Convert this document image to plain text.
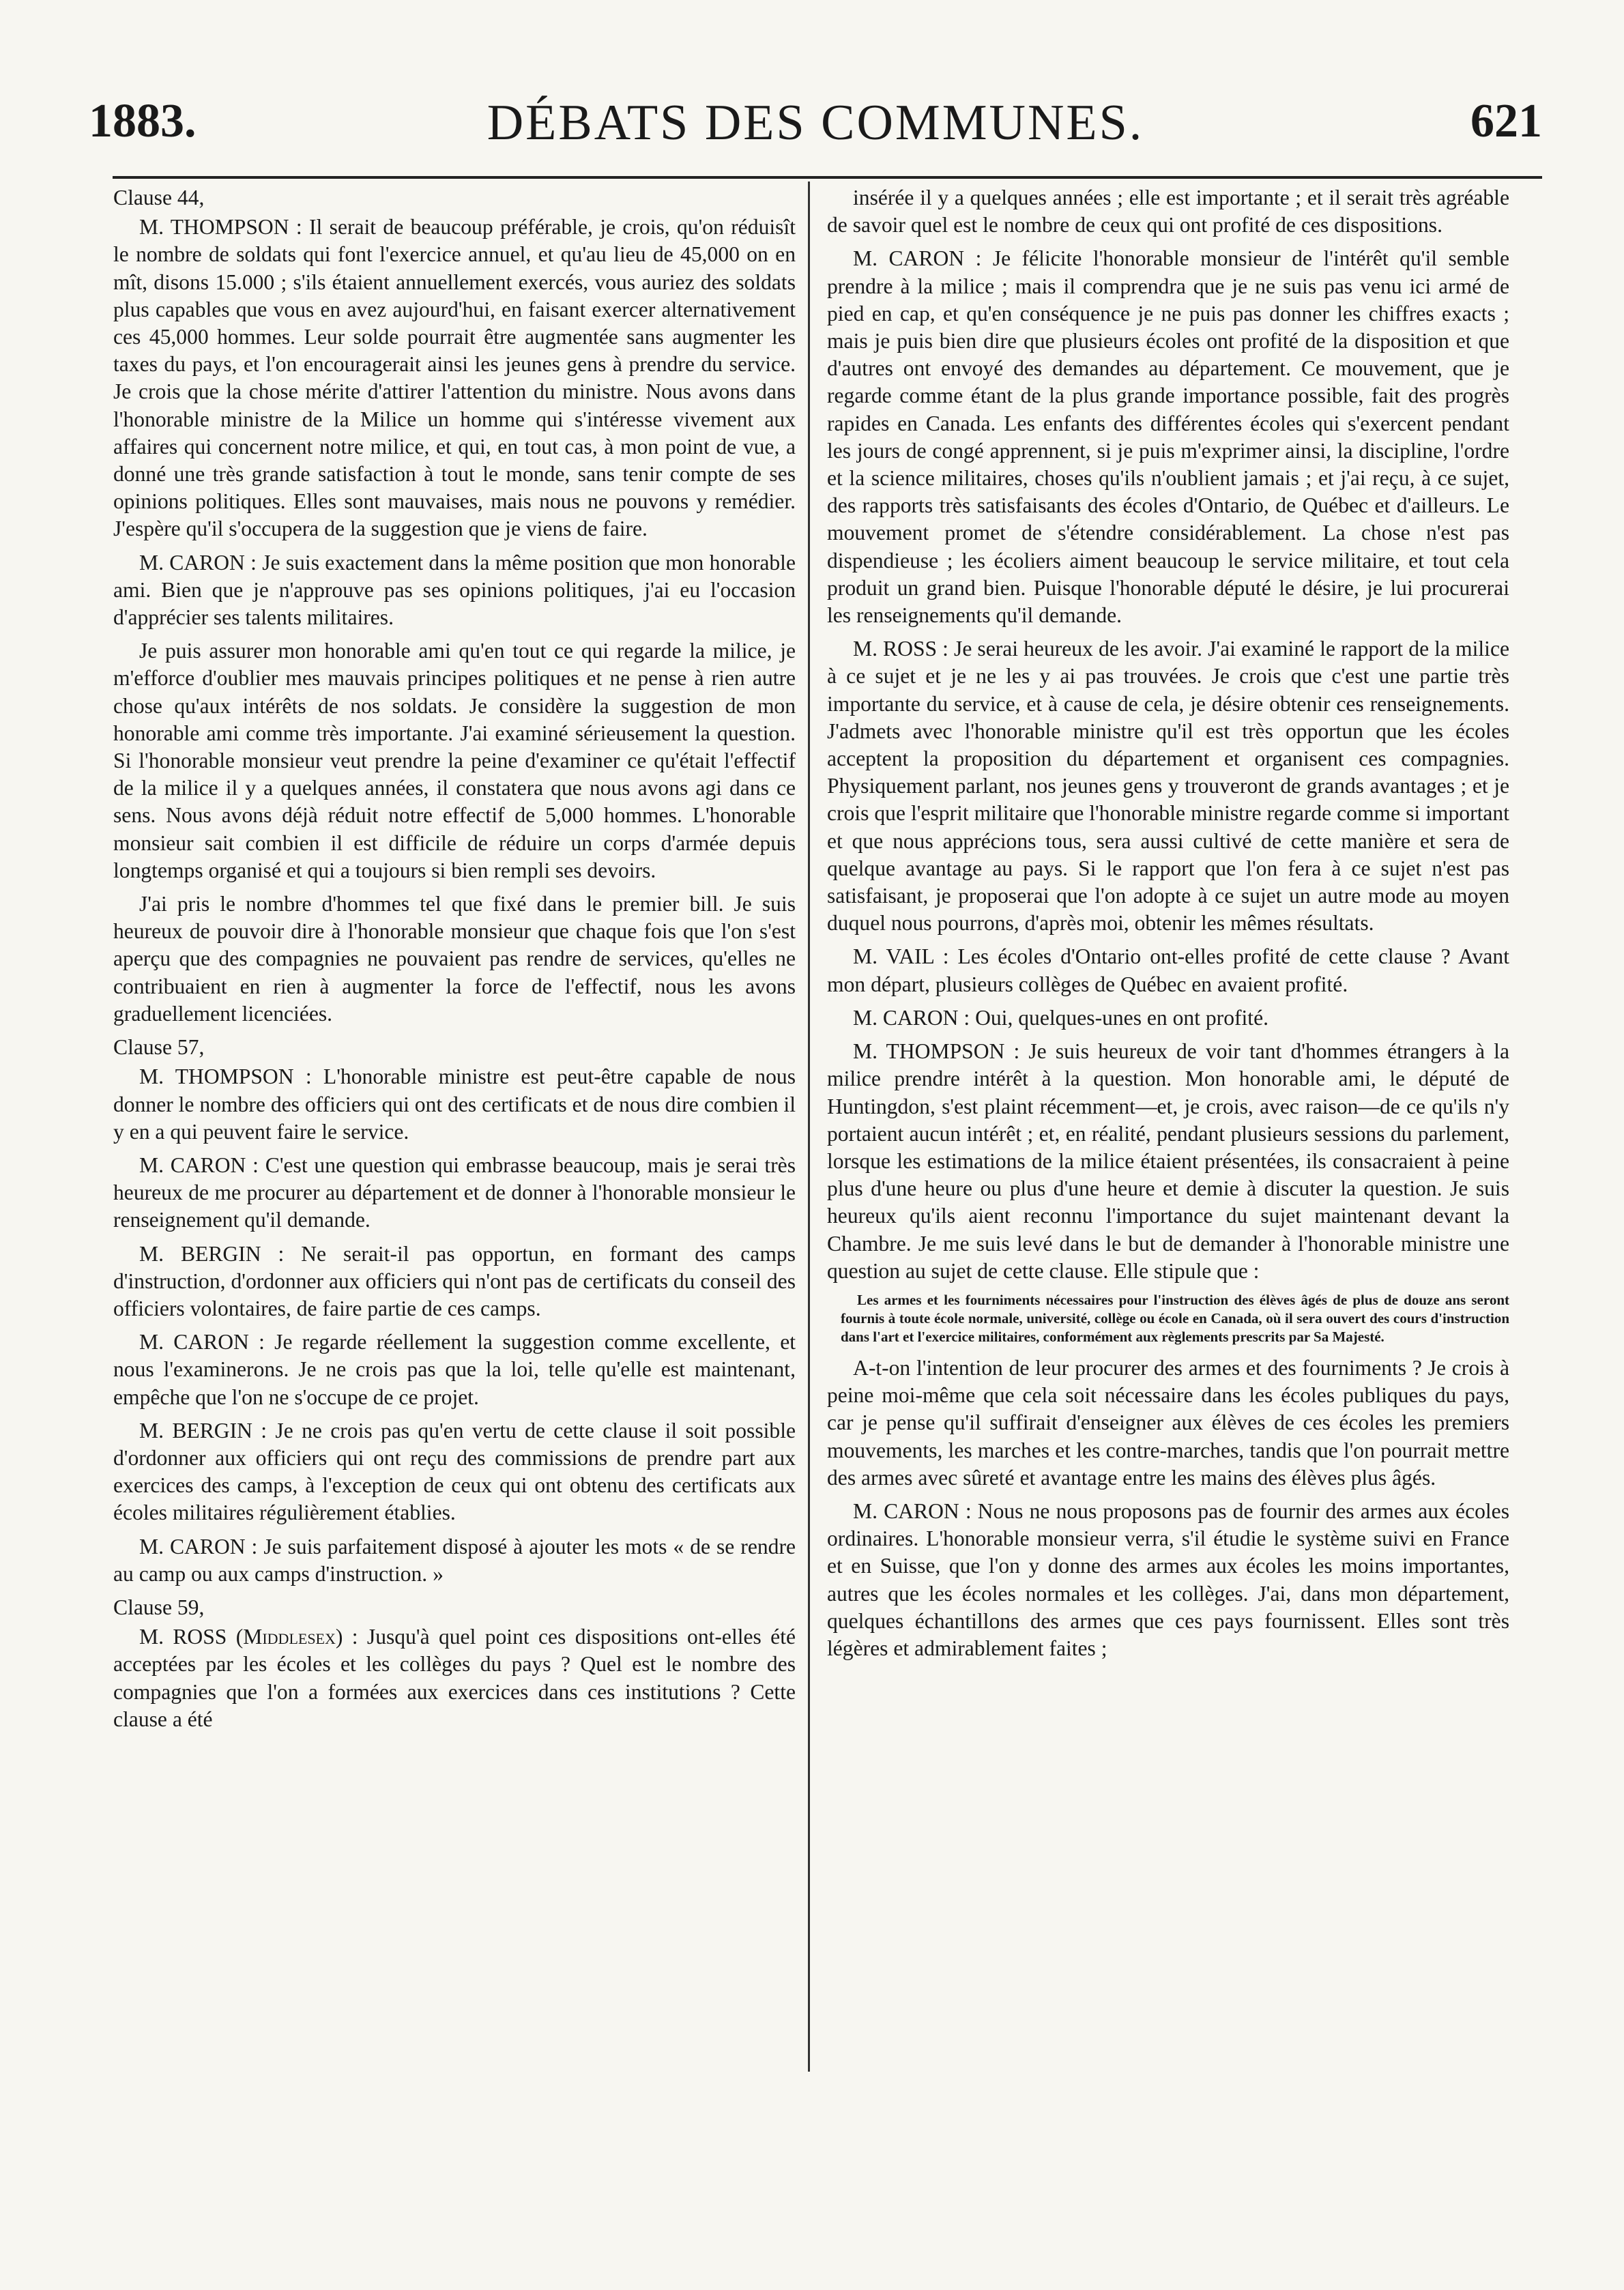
1883.	DÉBATS DES COMMUNES.	621

Clause 44,

M. THOMPSON : Il serait de beaucoup préférable, je crois, qu'on réduisît le nombre de soldats qui font l'exercice annuel, et qu'au lieu de 45,000 on en mît, disons 15.000 ; s'ils étaient annuellement exercés, vous auriez des soldats plus capables que vous en avez aujourd'hui, en faisant exercer alternativement ces 45,000 hommes. Leur solde pourrait être augmentée sans augmenter les taxes du pays, et l'on encouragerait ainsi les jeunes gens à prendre du service. Je crois que la chose mérite d'attirer l'attention du ministre. Nous avons dans l'honorable ministre de la Milice un homme qui s'intéresse vivement aux affaires qui concernent notre milice, et qui, en tout cas, à mon point de vue, a donné une très grande satisfaction à tout le monde, sans tenir compte de ses opinions politiques. Elles sont mauvaises, mais nous ne pouvons y remédier. J'espère qu'il s'occupera de la suggestion que je viens de faire.

M. CARON : Je suis exactement dans la même position que mon honorable ami. Bien que je n'approuve pas ses opinions politiques, j'ai eu l'occasion d'apprécier ses talents militaires.

Je puis assurer mon honorable ami qu'en tout ce qui regarde la milice, je m'efforce d'oublier mes mauvais principes politiques et ne pense à rien autre chose qu'aux intérêts de nos soldats. Je considère la suggestion de mon honorable ami comme très importante. J'ai examiné sérieusement la question. Si l'honorable monsieur veut prendre la peine d'examiner ce qu'était l'effectif de la milice il y a quelques années, il constatera que nous avons agi dans ce sens. Nous avons déjà réduit notre effectif de 5,000 hommes. L'honorable monsieur sait combien il est difficile de réduire un corps d'armée depuis longtemps organisé et qui a toujours si bien rempli ses devoirs.

J'ai pris le nombre d'hommes tel que fixé dans le premier bill. Je suis heureux de pouvoir dire à l'honorable monsieur que chaque fois que l'on s'est aperçu que des compagnies ne pouvaient pas rendre de services, qu'elles ne contribuaient en rien à augmenter la force de l'effectif, nous les avons graduellement licenciées.

Clause 57,

M. THOMPSON : L'honorable ministre est peut-être capable de nous donner le nombre des officiers qui ont des certificats et de nous dire combien il y en a qui peuvent faire le service.

M. CARON : C'est une question qui embrasse beaucoup, mais je serai très heureux de me procurer au département et de donner à l'honorable monsieur le renseignement qu'il demande.

M. BERGIN : Ne serait-il pas opportun, en formant des camps d'instruction, d'ordonner aux officiers qui n'ont pas de certificats du conseil des officiers volontaires, de faire partie de ces camps.

M. CARON : Je regarde réellement la suggestion comme excellente, et nous l'examinerons. Je ne crois pas que la loi, telle qu'elle est maintenant, empêche que l'on ne s'occupe de ce projet.

M. BERGIN : Je ne crois pas qu'en vertu de cette clause il soit possible d'ordonner aux officiers qui ont reçu des commissions de prendre part aux exercices des camps, à l'exception de ceux qui ont obtenu des certificats aux écoles militaires régulièrement établies.

M. CARON : Je suis parfaitement disposé à ajouter les mots « de se rendre au camp ou aux camps d'instruction. »

Clause 59,

M. ROSS (Middlesex) : Jusqu'à quel point ces dispositions ont-elles été acceptées par les écoles et les collèges du pays ? Quel est le nombre des compagnies que l'on a formées aux exercices dans ces institutions ? Cette clause a été

insérée il y a quelques années ; elle est importante ; et il serait très agréable de savoir quel est le nombre de ceux qui ont profité de ces dispositions.

M. CARON : Je félicite l'honorable monsieur de l'intérêt qu'il semble prendre à la milice ; mais il comprendra que je ne suis pas venu ici armé de pied en cap, et qu'en conséquence je ne puis pas donner les chiffres exacts ; mais je puis bien dire que plusieurs écoles ont profité de la disposition et que d'autres ont envoyé des demandes au département. Ce mouvement, que je regarde comme étant de la plus grande importance possible, fait des progrès rapides en Canada. Les enfants des différentes écoles qui s'exercent pendant les jours de congé apprennent, si je puis m'exprimer ainsi, la discipline, l'ordre et la science militaires, choses qu'ils n'oublient jamais ; et j'ai reçu, à ce sujet, des rapports très satisfaisants des écoles d'Ontario, de Québec et d'ailleurs. Le mouvement promet de s'étendre considérablement. La chose n'est pas dispendieuse ; les écoliers aiment beaucoup le service militaire, et tout cela produit un grand bien. Puisque l'honorable député le désire, je lui procurerai les renseignements qu'il demande.

M. ROSS : Je serai heureux de les avoir. J'ai examiné le rapport de la milice à ce sujet et je ne les y ai pas trouvées. Je crois que c'est une partie très importante du service, et à cause de cela, je désire obtenir ces renseignements. J'admets avec l'honorable ministre qu'il est très opportun que les écoles acceptent la proposition du département et organisent ces compagnies. Physiquement parlant, nos jeunes gens y trouveront de grands avantages ; et je crois que l'esprit militaire que l'honorable ministre regarde comme si important et que nous apprécions tous, sera aussi cultivé de cette manière et sera de quelque avantage au pays. Si le rapport que l'on fera à ce sujet n'est pas satisfaisant, je proposerai que l'on adopte à ce sujet un autre mode au moyen duquel nous pourrons, d'après moi, obtenir les mêmes résultats.

M. VAIL : Les écoles d'Ontario ont-elles profité de cette clause ? Avant mon départ, plusieurs collèges de Québec en avaient profité.

M. CARON : Oui, quelques-unes en ont profité.

M. THOMPSON : Je suis heureux de voir tant d'hommes étrangers à la milice prendre intérêt à la question. Mon honorable ami, le député de Huntingdon, s'est plaint récemment—et, je crois, avec raison—de ce qu'ils n'y portaient aucun intérêt ; et, en réalité, pendant plusieurs sessions du parlement, lorsque les estimations de la milice étaient présentées, ils consacraient à peine plus d'une heure ou plus d'une heure et demie à discuter la question. Je suis heureux qu'ils aient reconnu l'importance du sujet maintenant devant la Chambre. Je me suis levé dans le but de demander à l'honorable ministre une question au sujet de cette clause. Elle stipule que :

Les armes et les fourniments nécessaires pour l'instruction des élèves âgés de plus de douze ans seront fournis à toute école normale, université, collège ou école en Canada, où il sera ouvert des cours d'instruction dans l'art et l'exercice militaires, conformément aux règlements prescrits par Sa Majesté.

A-t-on l'intention de leur procurer des armes et des fourniments ? Je crois à peine moi-même que cela soit nécessaire dans les écoles publiques du pays, car je pense qu'il suffirait d'enseigner aux élèves de ces écoles les premiers mouvements, les marches et les contre-marches, tandis que l'on pourrait mettre des armes avec sûreté et avantage entre les mains des élèves plus âgés.

M. CARON : Nous ne nous proposons pas de fournir des armes aux écoles ordinaires. L'honorable monsieur verra, s'il étudie le système suivi en France et en Suisse, que l'on y donne des armes aux écoles les moins importantes, autres que les écoles normales et les collèges. J'ai, dans mon département, quelques échantillons des armes que ces pays fournissent. Elles sont très légères et admirablement faites ;
